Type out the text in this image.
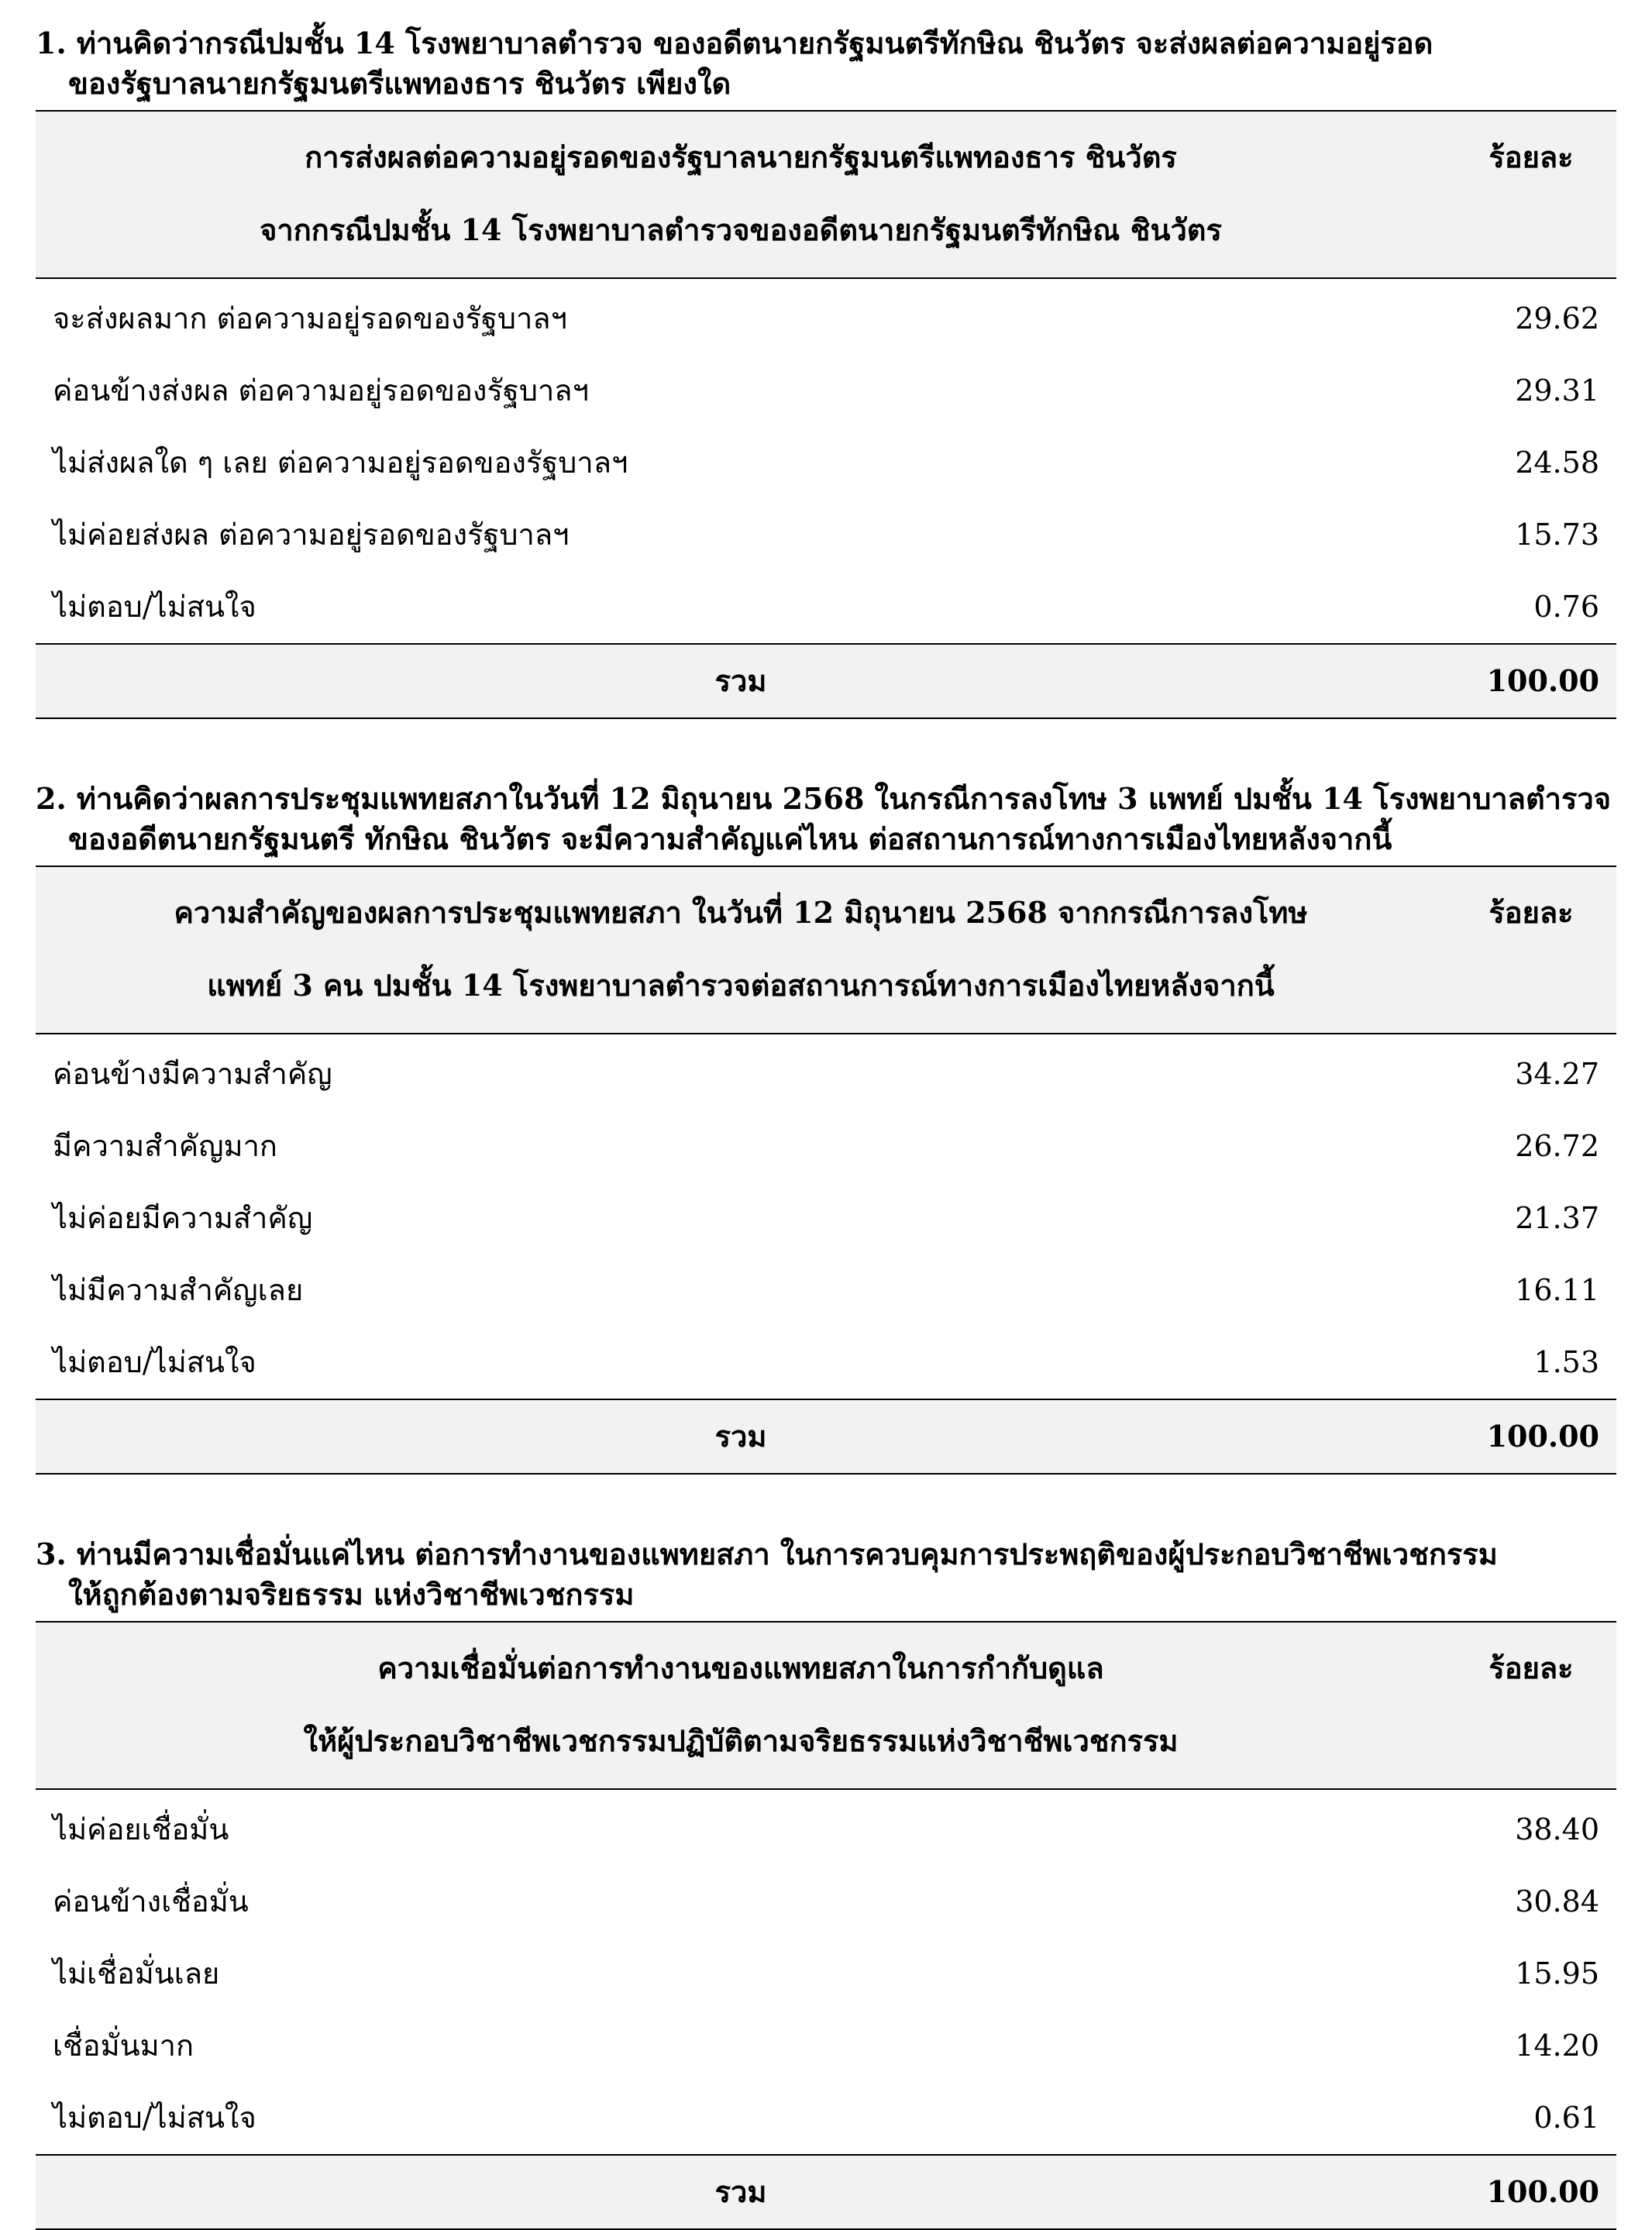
1. ท่านคิดว่ากรณีปมชั้น 14 โรงพยาบาลตำรวจ ของอดีตนายกรัฐมนตรีทักษิณ ชินวัตร จะส่งผลต่อความอยู่รอด
ของรัฐบาลนายกรัฐมนตรีแพทองธาร ชินวัตร เพียงใด

การส่งผลต่อความอยู่รอดของรัฐบาลนายกรัฐมนตรีแพทองธาร ชินวัตร
จากกรณีปมชั้น 14 โรงพยาบาลตำรวจของอดีตนายกรัฐมนตรีทักษิณ ชินวัตร	ร้อยละ
จะส่งผลมาก ต่อความอยู่รอดของรัฐบาลฯ	29.62
ค่อนข้างส่งผล ต่อความอยู่รอดของรัฐบาลฯ	29.31
ไม่ส่งผลใด ๆ เลย ต่อความอยู่รอดของรัฐบาลฯ	24.58
ไม่ค่อยส่งผล ต่อความอยู่รอดของรัฐบาลฯ	15.73
ไม่ตอบ/ไม่สนใจ	0.76
รวม	100.00

2. ท่านคิดว่าผลการประชุมแพทยสภาในวันที่ 12 มิถุนายน 2568 ในกรณีการลงโทษ 3 แพทย์ ปมชั้น 14 โรงพยาบาลตำรวจ
ของอดีตนายกรัฐมนตรี ทักษิณ ชินวัตร จะมีความสำคัญแค่ไหน ต่อสถานการณ์ทางการเมืองไทยหลังจากนี้

ความสำคัญของผลการประชุมแพทยสภา ในวันที่ 12 มิถุนายน 2568 จากกรณีการลงโทษ
แพทย์ 3 คน ปมชั้น 14 โรงพยาบาลตำรวจต่อสถานการณ์ทางการเมืองไทยหลังจากนี้	ร้อยละ
ค่อนข้างมีความสำคัญ	34.27
มีความสำคัญมาก	26.72
ไม่ค่อยมีความสำคัญ	21.37
ไม่มีความสำคัญเลย	16.11
ไม่ตอบ/ไม่สนใจ	1.53
รวม	100.00

3. ท่านมีความเชื่อมั่นแค่ไหน ต่อการทำงานของแพทยสภา ในการควบคุมการประพฤติของผู้ประกอบวิชาชีพเวชกรรม
ให้ถูกต้องตามจริยธรรม แห่งวิชาชีพเวชกรรม

ความเชื่อมั่นต่อการทำงานของแพทยสภาในการกำกับดูแล
ให้ผู้ประกอบวิชาชีพเวชกรรมปฏิบัติตามจริยธรรมแห่งวิชาชีพเวชกรรม	ร้อยละ
ไม่ค่อยเชื่อมั่น	38.40
ค่อนข้างเชื่อมั่น	30.84
ไม่เชื่อมั่นเลย	15.95
เชื่อมั่นมาก	14.20
ไม่ตอบ/ไม่สนใจ	0.61
รวม	100.00
